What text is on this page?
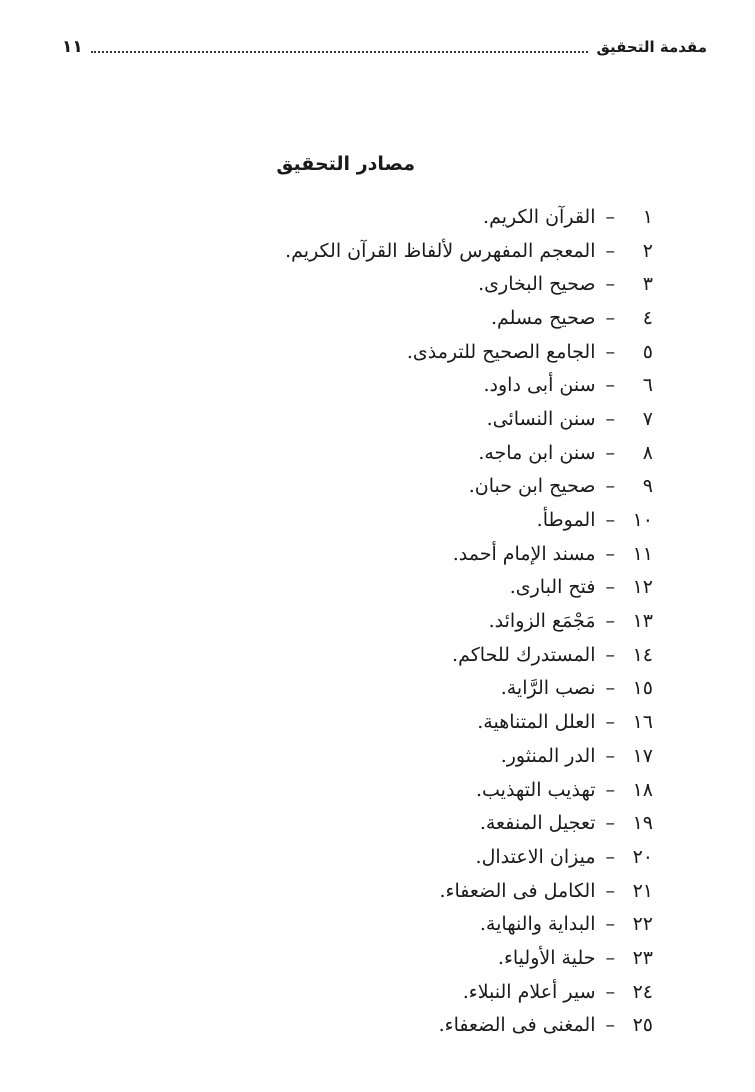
مقدمة التحقيق
١١
مصادر التحقيق
١
–
القرآن الكريم.
٢
–
المعجم المفهرس لألفاظ القرآن الكريم.
٣
–
صحيح البخارى.
٤
–
صحيح مسلم.
٥
–
الجامع الصحيح للترمذى.
٦
–
سنن أبى داود.
٧
–
سنن النسائى.
٨
–
سنن ابن ماجه.
٩
–
صحيح ابن حبان.
١٠
–
الموطأ.
١١
–
مسند الإمام أحمد.
١٢
–
فتح البارى.
١٣
–
مَجْمَع الزوائد.
١٤
–
المستدرك للحاكم.
١٥
–
نصب الرَّاية.
١٦
–
العلل المتناهية.
١٧
–
الدر المنثور.
١٨
–
تهذيب التهذيب.
١٩
–
تعجيل المنفعة.
٢٠
–
ميزان الاعتدال.
٢١
–
الكامل فى الضعفاء.
٢٢
–
البداية والنهاية.
٢٣
–
حلية الأولياء.
٢٤
–
سير أعلام النبلاء.
٢٥
–
المغنى فى الضعفاء.
